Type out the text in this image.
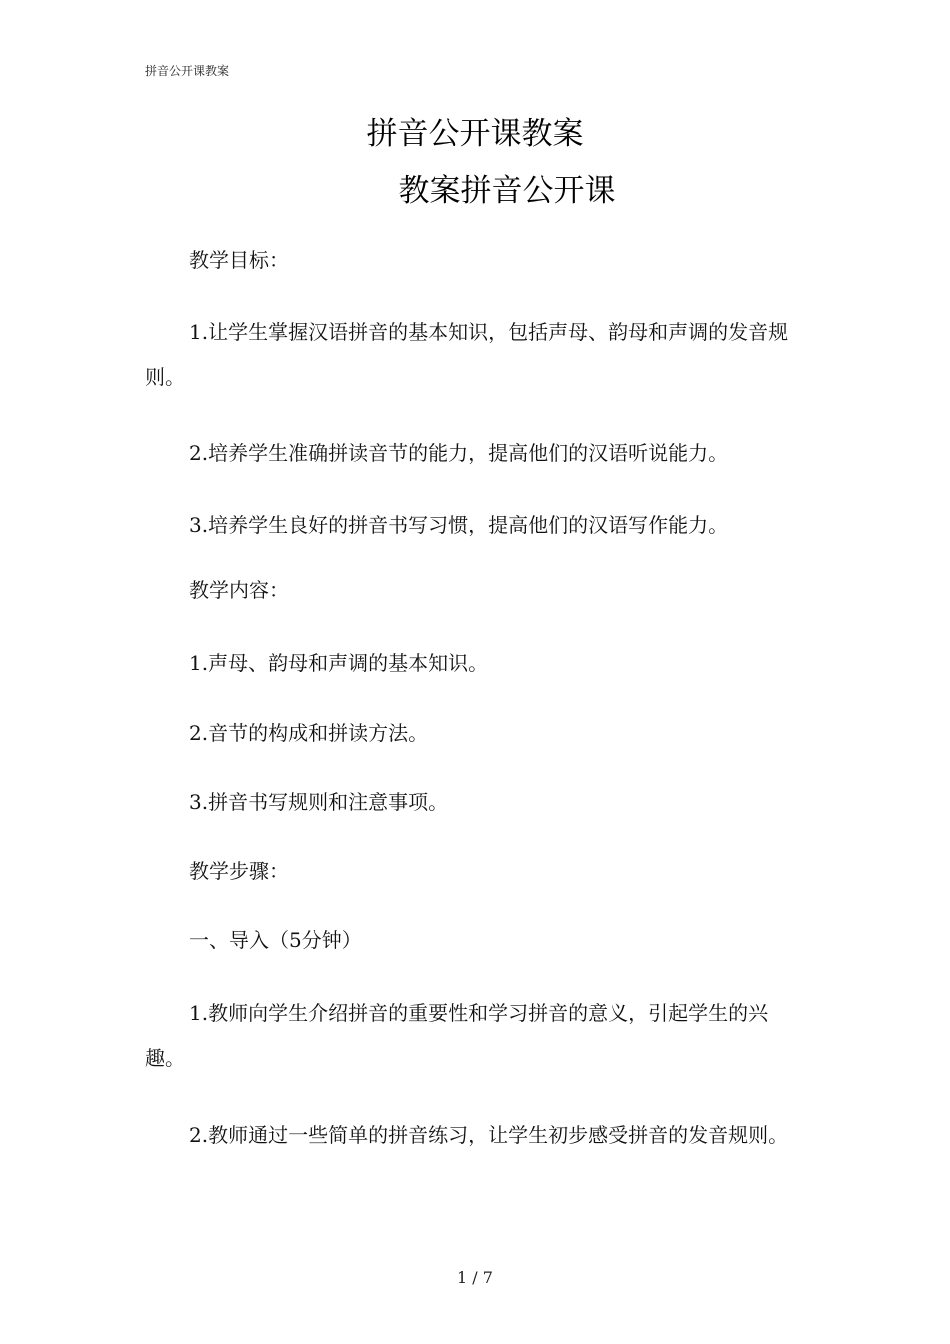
拼音公开课教案
拼音公开课教案
教案拼音公开课
教学目标：
1.让学生掌握汉语拼音的基本知识，包括声母、韵母和声调的发音规则。
2.培养学生准确拼读音节的能力，提高他们的汉语听说能力。
3.培养学生良好的拼音书写习惯，提高他们的汉语写作能力。
教学内容：
1.声母、韵母和声调的基本知识。
2.音节的构成和拼读方法。
3.拼音书写规则和注意事项。
教学步骤：
一、导入（5分钟）
1.教师向学生介绍拼音的重要性和学习拼音的意义，引起学生的兴趣。
2.教师通过一些简单的拼音练习，让学生初步感受拼音的发音规则。
1 / 7
